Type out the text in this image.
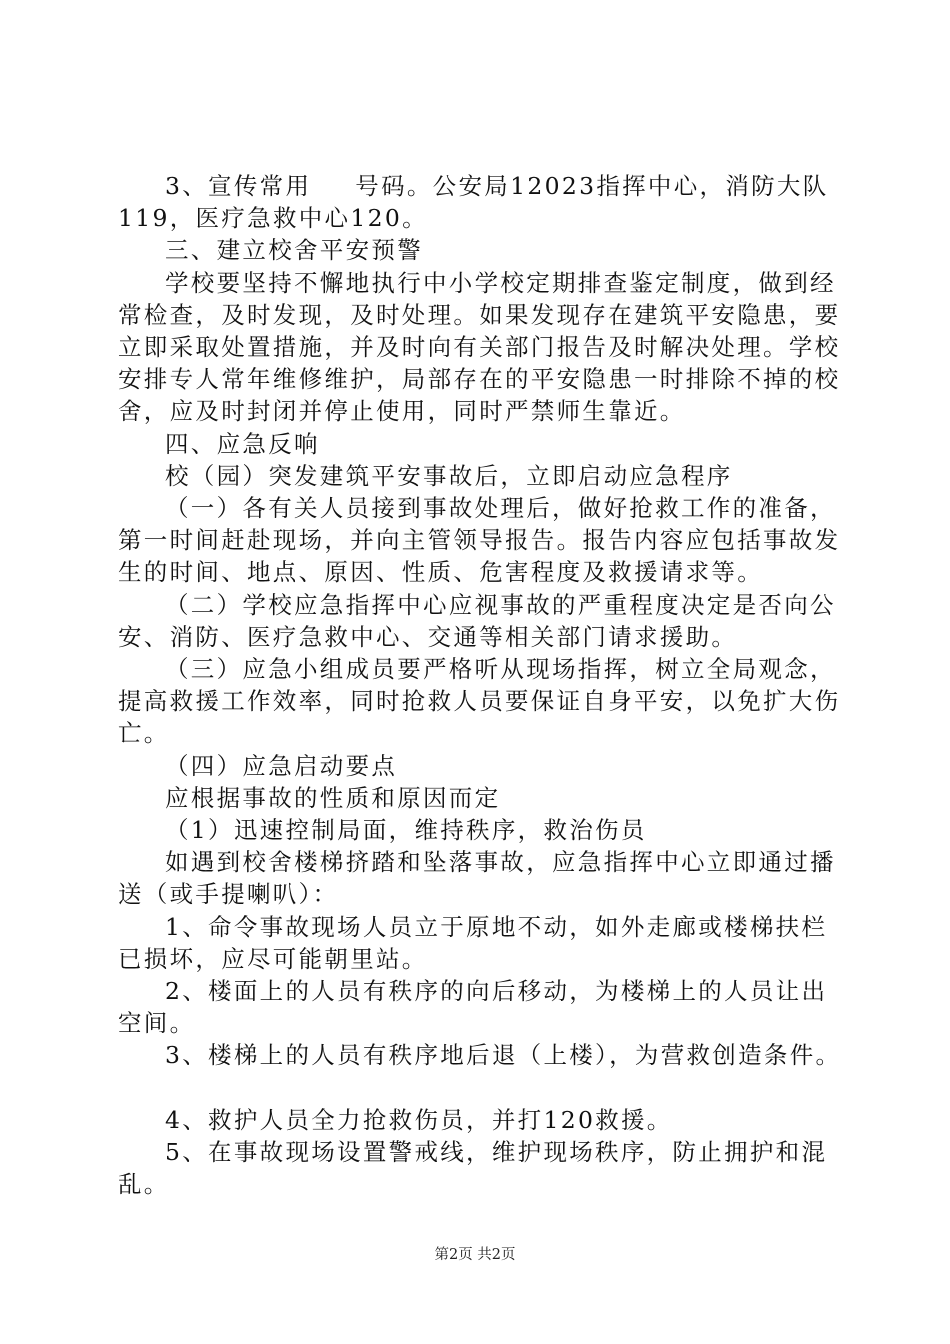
3、宣传常用 号码。公安局12023指挥中心，消防大队119，医疗急救中心120。

三、建立校舍平安预警

学校要坚持不懈地执行中小学校定期排查鉴定制度，做到经常检查，及时发现，及时处理。如果发现存在建筑平安隐患，要立即采取处置措施，并及时向有关部门报告及时解决处理。学校安排专人常年维修维护，局部存在的平安隐患一时排除不掉的校舍，应及时封闭并停止使用，同时严禁师生靠近。

四、应急反响

校（园）突发建筑平安事故后，立即启动应急程序

（一）各有关人员接到事故处理后，做好抢救工作的准备，第一时间赶赴现场，并向主管领导报告。报告内容应包括事故发生的时间、地点、原因、性质、危害程度及救援请求等。

（二）学校应急指挥中心应视事故的严重程度决定是否向公安、消防、医疗急救中心、交通等相关部门请求援助。

（三）应急小组成员要严格听从现场指挥，树立全局观念，提高救援工作效率，同时抢救人员要保证自身平安，以免扩大伤亡。

（四）应急启动要点

应根据事故的性质和原因而定

（1）迅速控制局面，维持秩序，救治伤员

如遇到校舍楼梯挤踏和坠落事故，应急指挥中心立即通过播送（或手提喇叭）：

1、命令事故现场人员立于原地不动，如外走廊或楼梯扶栏已损坏，应尽可能朝里站。

2、楼面上的人员有秩序的向后移动，为楼梯上的人员让出空间。

3、楼梯上的人员有秩序地后退（上楼），为营救创造条件。

4、救护人员全力抢救伤员，并打120救援。

5、在事故现场设置警戒线，维护现场秩序，防止拥护和混乱。

第2页 共2页
